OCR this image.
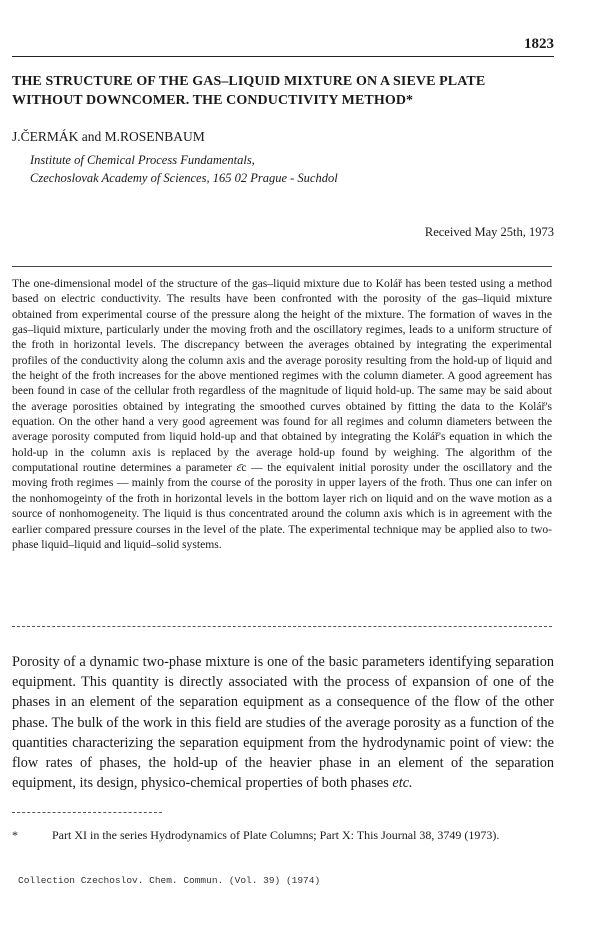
1823
THE STRUCTURE OF THE GAS–LIQUID MIXTURE ON A SIEVE PLATE WITHOUT DOWNCOMER. THE CONDUCTIVITY METHOD*
J.ČERMÁK and M.ROSENBAUM
Institute of Chemical Process Fundamentals,
Czechoslovak Academy of Sciences, 165 02 Prague - Suchdol
Received May 25th, 1973
The one-dimensional model of the structure of the gas–liquid mixture due to Kolář has been tested using a method based on electric conductivity. The results have been confronted with the porosity of the gas–liquid mixture obtained from experimental course of the pressure along the height of the mixture. The formation of waves in the gas–liquid mixture, particularly under the moving froth and the oscillatory regimes, leads to a uniform structure of the froth in horizontal levels. The discrepancy between the averages obtained by integrating the experimental profiles of the conductivity along the column axis and the average porosity resulting from the hold-up of liquid and the height of the froth increases for the above mentioned regimes with the column diameter. A good agreement has been found in case of the cellular froth regardless of the magnitude of liquid hold-up. The same may be said about the average porosities obtained by integrating the smoothed curves obtained by fitting the data to the Kolář's equation. On the other hand a very good agreement was found for all regimes and column diameters between the average porosity computed from liquid hold-up and that obtained by integrating the Kolář's equation in which the hold-up in the column axis is replaced by the average hold-up found by weighing. The algorithm of the computational routine determines a parameter ε̄c — the equivalent initial porosity under the oscillatory and the moving froth regimes — mainly from the course of the porosity in upper layers of the froth. Thus one can infer on the nonhomogeinty of the froth in horizontal levels in the bottom layer rich on liquid and on the wave motion as a source of nonhomogeneity. The liquid is thus concentrated around the column axis which is in agreement with the earlier compared pressure courses in the level of the plate. The experimental technique may be applied also to two-phase liquid–liquid and liquid–solid systems.
Porosity of a dynamic two-phase mixture is one of the basic parameters identifying separation equipment. This quantity is directly associated with the process of expansion of one of the phases in an element of the separation equipment as a consequence of the flow of the other phase. The bulk of the work in this field are studies of the average porosity as a function of the quantities characterizing the separation equipment from the hydrodynamic point of view: the flow rates of phases, the hold-up of the heavier phase in an element of the separation equipment, its design, physico-chemical properties of both phases etc.
*	Part XI in the series Hydrodynamics of Plate Columns; Part X: This Journal 38, 3749 (1973).
Collection Czechoslov. Chem. Commun. (Vol. 39) (1974)
